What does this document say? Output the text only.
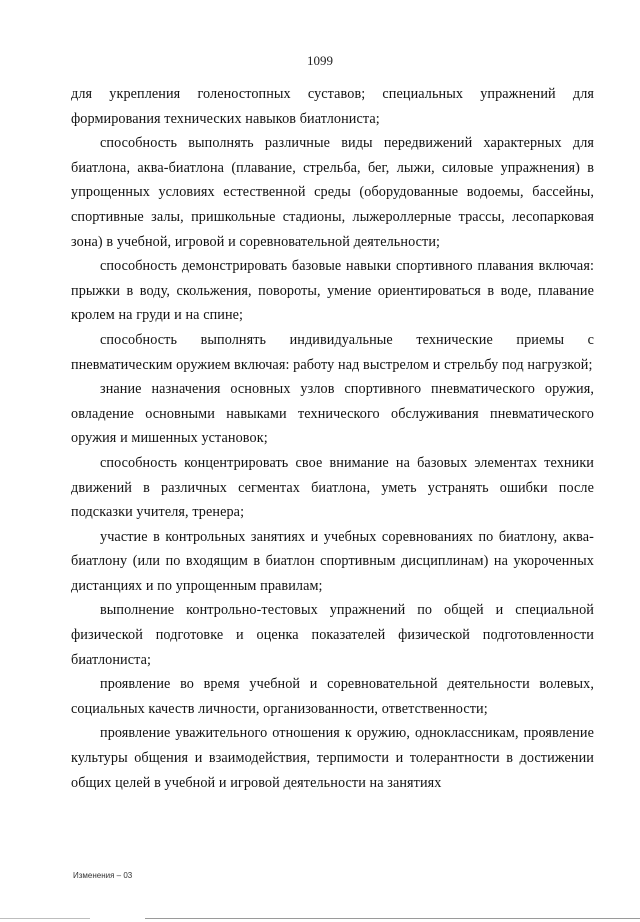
1099

для укрепления голеностопных суставов; специальных упражнений для формирования технических навыков биатлониста;

способность выполнять различные виды передвижений характерных для биатлона, аква-биатлона (плавание, стрельба, бег, лыжи, силовые упражнения) в упрощенных условиях естественной среды (оборудованные водоемы, бассейны, спортивные залы, пришкольные стадионы, лыжероллерные трассы, лесопарковая зона) в учебной, игровой и соревновательной деятельности;

способность демонстрировать базовые навыки спортивного плавания включая: прыжки в воду, скольжения, повороты, умение ориентироваться в воде, плавание кролем на груди и на спине;

способность выполнять индивидуальные технические приемы с пневматическим оружием включая: работу над выстрелом и стрельбу под нагрузкой;

знание назначения основных узлов спортивного пневматического оружия, овладение основными навыками технического обслуживания пневматического оружия и мишенных установок;

способность концентрировать свое внимание на базовых элементах техники движений в различных сегментах биатлона, уметь устранять ошибки после подсказки учителя, тренера;

участие в контрольных занятиях и учебных соревнованиях по биатлону, аква-биатлону (или по входящим в биатлон спортивным дисциплинам) на укороченных дистанциях и по упрощенным правилам;

выполнение контрольно-тестовых упражнений по общей и специальной физической подготовке и оценка показателей физической подготовленности биатлониста;

проявление во время учебной и соревновательной деятельности волевых, социальных качеств личности, организованности, ответственности;

проявление уважительного отношения к оружию, одноклассникам, проявление культуры общения и взаимодействия, терпимости и толерантности в достижении общих целей в учебной и игровой деятельности на занятиях

Изменения – 03
